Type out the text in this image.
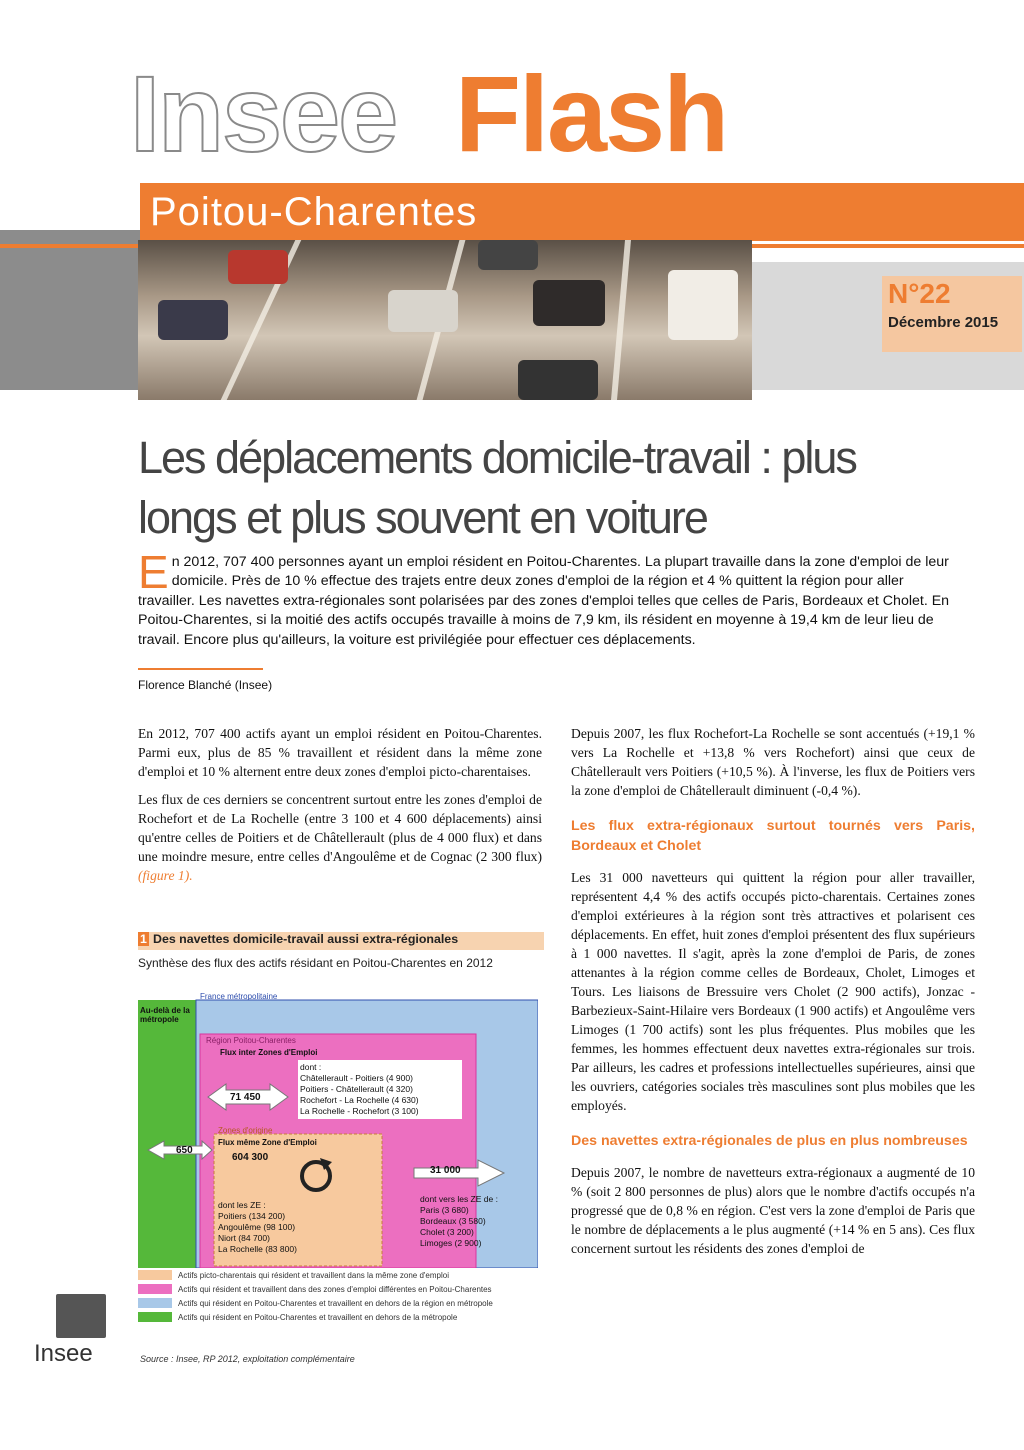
Insee Flash
Poitou-Charentes
N°22
Décembre 2015
Les déplacements domicile-travail : plus longs et plus souvent en voiture
En 2012, 707 400 personnes ayant un emploi résident en Poitou-Charentes. La plupart travaille dans la zone d'emploi de leur domicile. Près de 10 % effectue des trajets entre deux zones d'emploi de la région et 4 % quittent la région pour aller travailler. Les navettes extra-régionales sont polarisées par des zones d'emploi telles que celles de Paris, Bordeaux et Cholet. En Poitou-Charentes, si la moitié des actifs occupés travaille à moins de 7,9 km, ils résident en moyenne à 19,4 km de leur lieu de travail. Encore plus qu'ailleurs, la voiture est privilégiée pour effectuer ces déplacements.
Florence Blanché (Insee)

En 2012, 707 400 actifs ayant un emploi résident en Poitou-Charentes. Parmi eux, plus de 85 % travaillent et résident dans la même zone d'emploi et 10 % alternent entre deux zones d'emploi picto-charentaises.

Les flux de ces derniers se concentrent surtout entre les zones d'emploi de Rochefort et de La Rochelle (entre 3 100 et 4 600 déplacements) ainsi qu'entre celles de Poitiers et de Châtellerault (plus de 4 000 flux) et dans une moindre mesure, entre celles d'Angoulême et de Cognac (2 300 flux) (figure 1).

1 Des navettes domicile-travail aussi extra-régionales
Synthèse des flux des actifs résidant en Poitou-Charentes en 2012
France métropolitaine
Au-delà de la métropole
Région Poitou-Charentes
Flux inter Zones d'Emploi
71 450
dont :
Châtellerault - Poitiers (4 900)
Poitiers - Châtellerault (4 320)
Rochefort - La Rochelle (4 630)
La Rochelle - Rochefort (3 100)
Zones d'origine
Flux même Zone d'Emploi
604 300
650
31 000
dont les ZE :
Poitiers (134 200)
Angoulême (98 100)
Niort (84 700)
La Rochelle (83 800)
dont vers les ZE de :
Paris (3 680)
Bordeaux (3 580)
Cholet (3 200)
Limoges (2 900)
Actifs picto-charentais qui résident et travaillent dans la même zone d'emploi
Actifs qui résident et travaillent dans des zones d'emploi différentes en Poitou-Charentes
Actifs qui résident en Poitou-Charentes et travaillent en dehors de la région en métropole
Actifs qui résident en Poitou-Charentes et travaillent en dehors de la métropole
Source : Insee, RP 2012, exploitation complémentaire

Depuis 2007, les flux Rochefort-La Rochelle se sont accentués (+19,1 % vers La Rochelle et +13,8 % vers Rochefort) ainsi que ceux de Châtellerault vers Poitiers (+10,5 %). À l'inverse, les flux de Poitiers vers la zone d'emploi de Châtellerault diminuent (-0,4 %).

Les flux extra-régionaux surtout tournés vers Paris, Bordeaux et Cholet

Les 31 000 navetteurs qui quittent la région pour aller travailler, représentent 4,4 % des actifs occupés picto-charentais. Certaines zones d'emploi extérieures à la région sont très attractives et polarisent ces déplacements. En effet, huit zones d'emploi présentent des flux supérieurs à 1 000 navettes. Il s'agit, après la zone d'emploi de Paris, de zones attenantes à la région comme celles de Bordeaux, Cholet, Limoges et Tours. Les liaisons de Bressuire vers Cholet (2 900 actifs), Jonzac - Barbezieux-Saint-Hilaire vers Bordeaux (1 900 actifs) et Angoulême vers Limoges (1 700 actifs) sont les plus fréquentes. Plus mobiles que les femmes, les hommes effectuent deux navettes extra-régionales sur trois. Par ailleurs, les cadres et professions intellectuelles supérieures, ainsi que les ouvriers, catégories sociales très masculines sont plus mobiles que les employés.

Des navettes extra-régionales de plus en plus nombreuses

Depuis 2007, le nombre de navetteurs extra-régionaux a augmenté de 10 % (soit 2 800 personnes de plus) alors que le nombre d'actifs occupés n'a progressé que de 0,8 % en région. C'est vers la zone d'emploi de Paris que le nombre de déplacements a le plus augmenté (+14 % en 5 ans). Ces flux concernent surtout les résidents des zones d'emploi de

Insee
